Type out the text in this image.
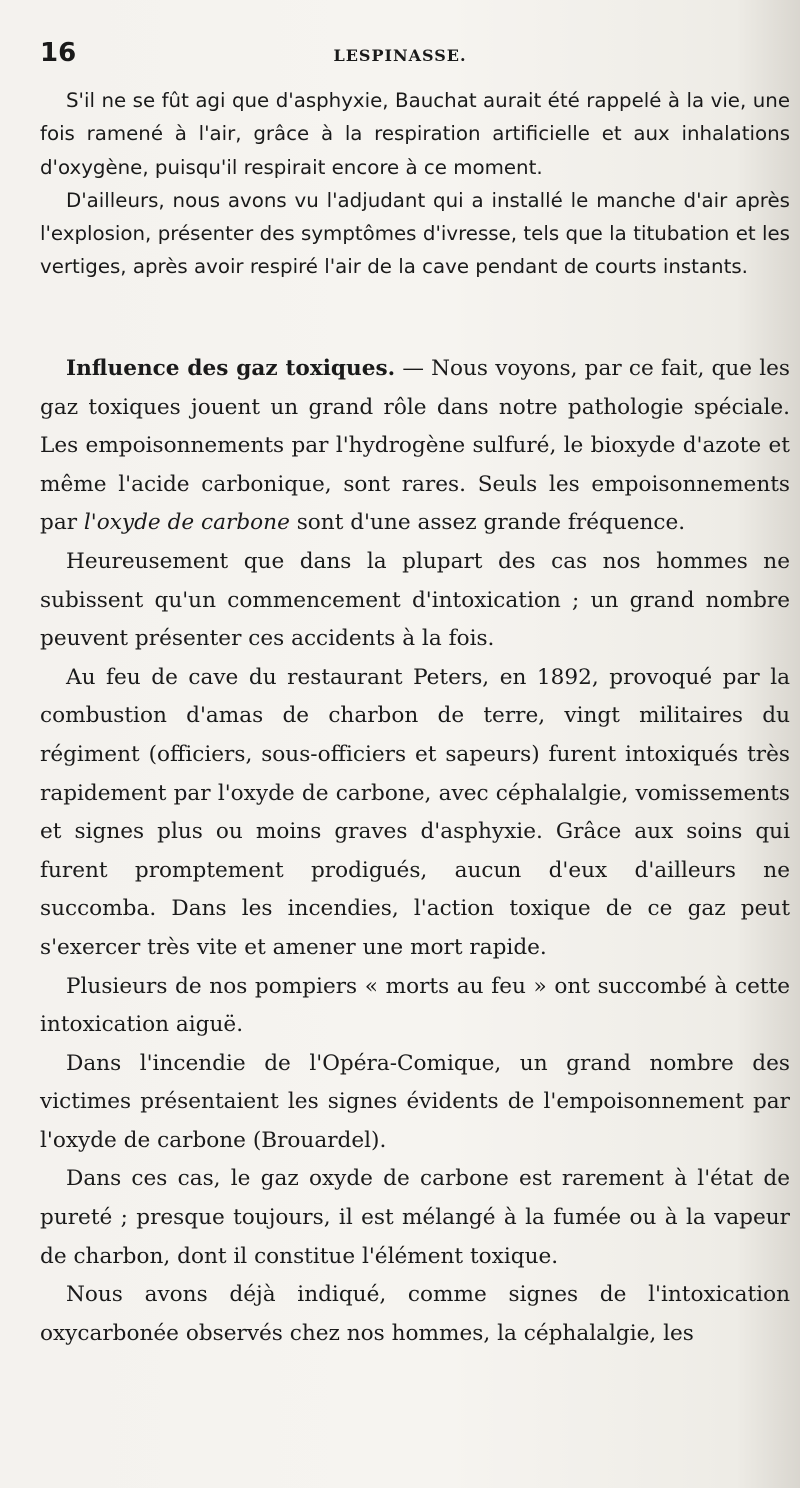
16	LESPINASSE.

S'il ne se fût agi que d'asphyxie, Bauchat aurait été rappelé à la vie, une fois ramené à l'air, grâce à la respiration artificielle et aux inhalations d'oxygène, puisqu'il respirait encore à ce moment.

D'ailleurs, nous avons vu l'adjudant qui a installé le manche d'air après l'explosion, présenter des symptômes d'ivresse, tels que la titubation et les vertiges, après avoir respiré l'air de la cave pendant de courts instants.

Influence des gaz toxiques. — Nous voyons, par ce fait, que les gaz toxiques jouent un grand rôle dans notre pathologie spéciale. Les empoisonnements par l'hydrogène sulfuré, le bioxyde d'azote et même l'acide carbonique, sont rares. Seuls les empoisonnements par l'oxyde de carbone sont d'une assez grande fréquence.

Heureusement que dans la plupart des cas nos hommes ne subissent qu'un commencement d'intoxication ; un grand nombre peuvent présenter ces accidents à la fois.

Au feu de cave du restaurant Peters, en 1892, provoqué par la combustion d'amas de charbon de terre, vingt militaires du régiment (officiers, sous-officiers et sapeurs) furent intoxiqués très rapidement par l'oxyde de carbone, avec céphalalgie, vomissements et signes plus ou moins graves d'asphyxie. Grâce aux soins qui furent promptement prodigués, aucun d'eux d'ailleurs ne succomba. Dans les incendies, l'action toxique de ce gaz peut s'exercer très vite et amener une mort rapide.

Plusieurs de nos pompiers « morts au feu » ont succombé à cette intoxication aiguë.

Dans l'incendie de l'Opéra-Comique, un grand nombre des victimes présentaient les signes évidents de l'empoisonnement par l'oxyde de carbone (Brouardel).

Dans ces cas, le gaz oxyde de carbone est rarement à l'état de pureté ; presque toujours, il est mélangé à la fumée ou à la vapeur de charbon, dont il constitue l'élément toxique.

Nous avons déjà indiqué, comme signes de l'intoxication oxycarbonée observés chez nos hommes, la céphalalgie, les
